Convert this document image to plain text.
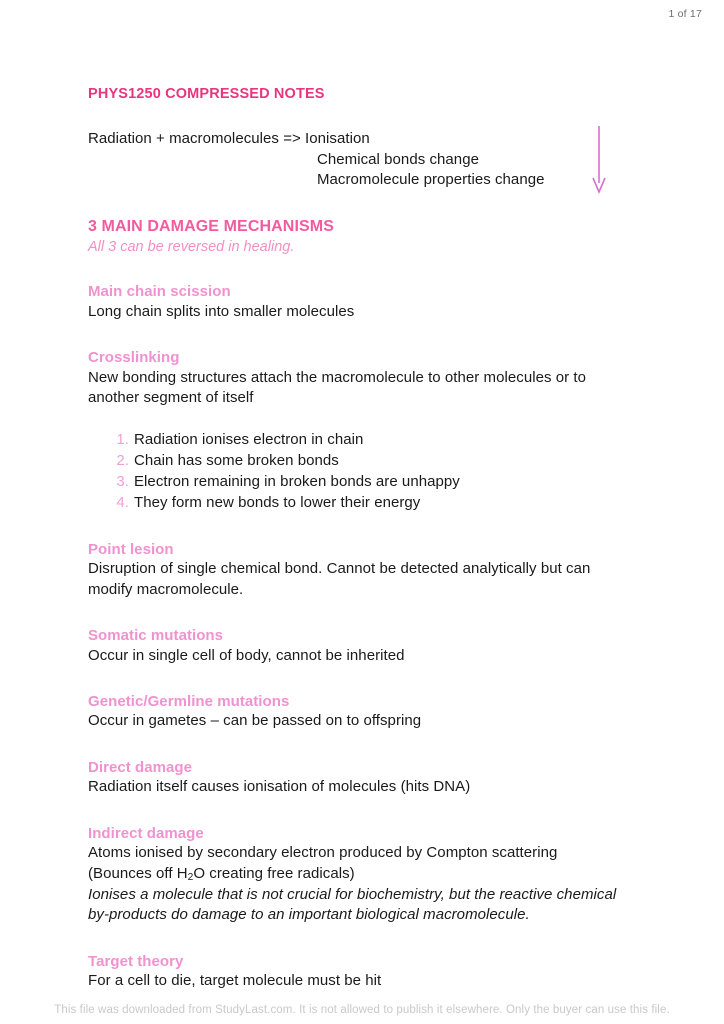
1 of 17
PHYS1250 COMPRESSED NOTES

Radiation + macromolecules => Ionisation

Chemical bonds change

Macromolecule properties change

3 MAIN DAMAGE MECHANISMS

All 3 can be reversed in healing.

Main chain scission

Long chain splits into smaller molecules

Crosslinking

New bonding structures attach the macromolecule to other molecules or to another segment of itself

Radiation ionises electron in chain
Chain has some broken bonds
Electron remaining in broken bonds are unhappy
They form new bonds to lower their energy
Point lesion

Disruption of single chemical bond. Cannot be detected analytically but can modify macromolecule.

Somatic mutations

Occur in single cell of body, cannot be inherited

Genetic/Germline mutations

Occur in gametes – can be passed on to offspring

Direct damage

Radiation itself causes ionisation of molecules (hits DNA)

Indirect damage

Atoms ionised by secondary electron produced by Compton scattering

(Bounces off $H_2O$ creating free radicals)

Ionises a molecule that is not crucial for biochemistry, but the reactive chemical by-products do damage to an important biological macromolecule.

Target theory

For a cell to die, target molecule must be hit

This file was downloaded from StudyLast.com. It is not allowed to publish it elsewhere. Only the buyer can use this file.
